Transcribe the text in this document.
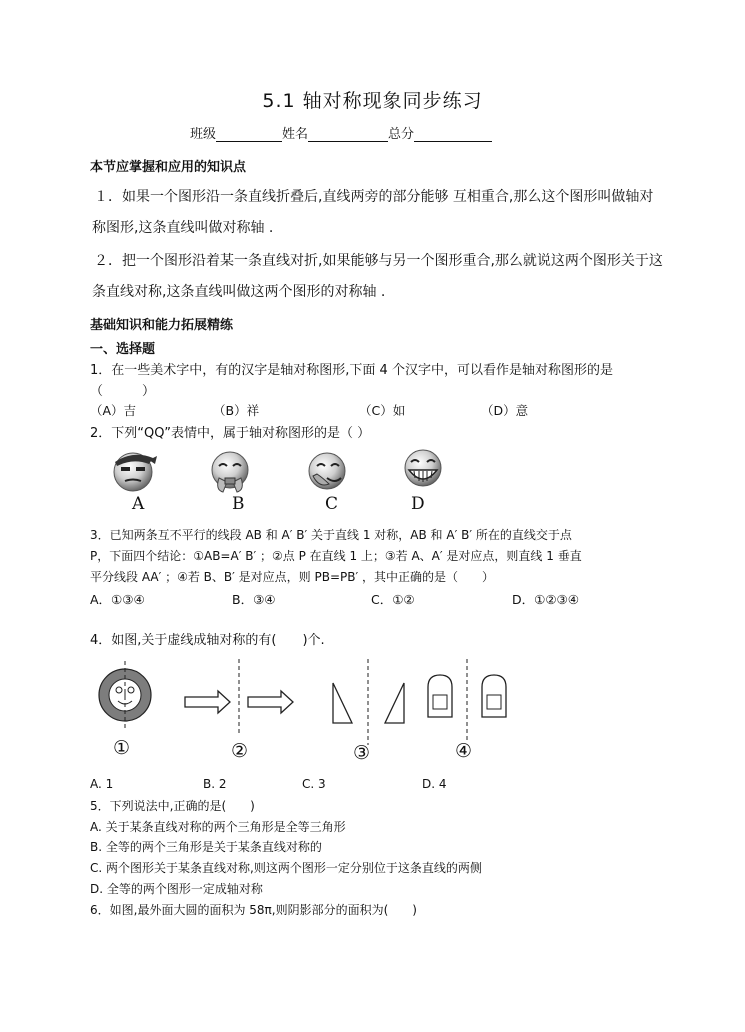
5.1 轴对称现象同步练习
班级	姓名	总分
本节应掌握和应用的知识点
１．如果一个图形沿一条直线折叠后,直线两旁的部分能够 互相重合,那么这个图形叫做轴对
称图形,这条直线叫做对称轴 .
２．把一个图形沿着某一条直线对折,如果能够与另一个图形重合,那么就说这两个图形关于这
条直线对称,这条直线叫做这两个图形的对称轴 .
基础知识和能力拓展精练
一、选择题
1．在一些美术字中，有的汉字是轴对称图形,下面 4 个汉字中，可以看作是轴对称图形的是
（　　　）
（A）吉	（B）祥	（C）如	（D）意
2．下列“QQ”表情中，属于轴对称图形的是（ ）
A	B	C	D
3．已知两条互不平行的线段 AB 和 A′ B′ 关于直线 1 对称，AB 和 A′ B′ 所在的直线交于点
P，下面四个结论：①AB=A′ B′ ；②点 P 在直线 1 上；③若 A、A′ 是对应点，则直线 1 垂直
平分线段 AA′ ；④若 B、B′ 是对应点，则 PB=PB′ ，其中正确的是（　　）
A．①③④	B．③④	C．①②	D．①②③④
4．如图,关于虚线成轴对称的有(　　)个.
①	②	③	④
A. 1	B. 2	C. 3	D. 4
5．下列说法中,正确的是(　　)
A. 关于某条直线对称的两个三角形是全等三角形
B. 全等的两个三角形是关于某条直线对称的
C. 两个图形关于某条直线对称,则这两个图形一定分别位于这条直线的两侧
D. 全等的两个图形一定成轴对称
6．如图,最外面大圆的面积为 58π,则阴影部分的面积为(　　)
